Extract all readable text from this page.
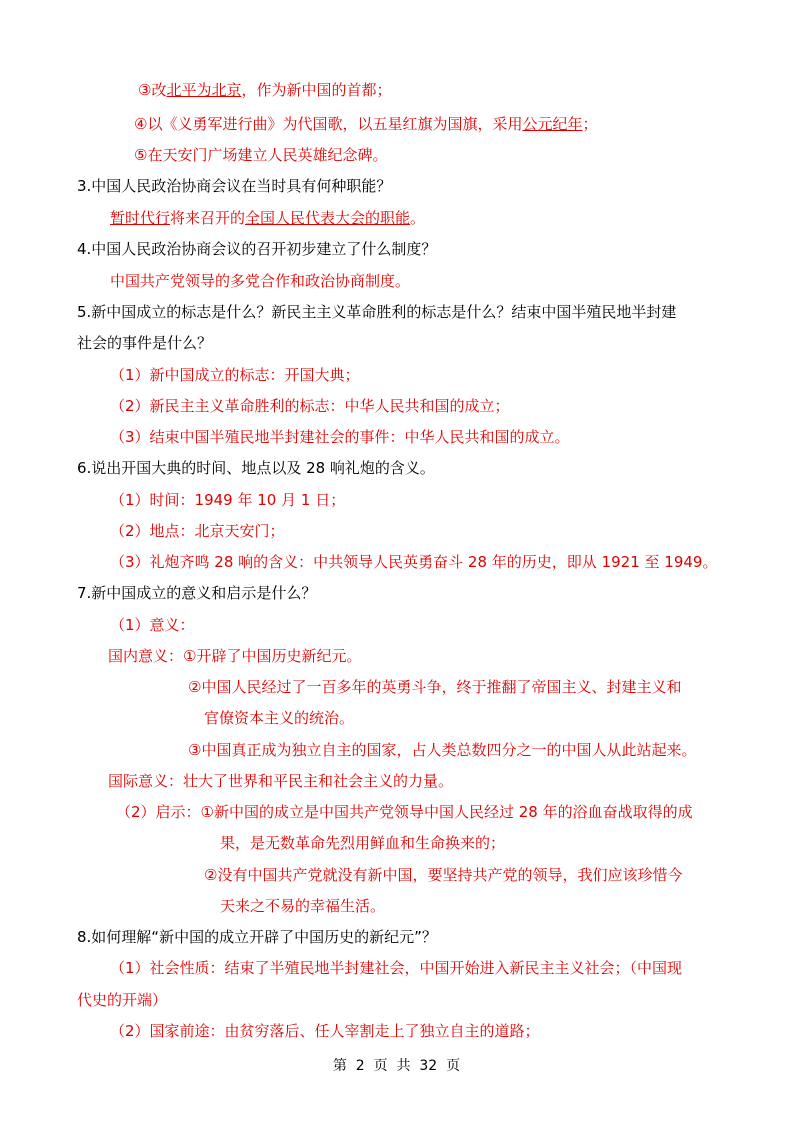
③改北平为北京，作为新中国的首都；
④以《义勇军进行曲》为代国歌，以五星红旗为国旗，采用公元纪年；
⑤在天安门广场建立人民英雄纪念碑。
3.中国人民政治协商会议在当时具有何种职能？
暂时代行将来召开的全国人民代表大会的职能。
4.中国人民政治协商会议的召开初步建立了什么制度？
中国共产党领导的多党合作和政治协商制度。
5.新中国成立的标志是什么？新民主主义革命胜利的标志是什么？结束中国半殖民地半封建
社会的事件是什么？
（1）新中国成立的标志：开国大典；
（2）新民主主义革命胜利的标志：中华人民共和国的成立；
（3）结束中国半殖民地半封建社会的事件：中华人民共和国的成立。
6.说出开国大典的时间、地点以及 28 响礼炮的含义。
（1）时间：1949 年 10 月 1 日；
（2）地点：北京天安门；
（3）礼炮齐鸣 28 响的含义：中共领导人民英勇奋斗 28 年的历史，即从 1921 至 1949。
7.新中国成立的意义和启示是什么？
（1）意义：
国内意义：①开辟了中国历史新纪元。
②中国人民经过了一百多年的英勇斗争，终于推翻了帝国主义、封建主义和
官僚资本主义的统治。
③中国真正成为独立自主的国家，占人类总数四分之一的中国人从此站起来。
国际意义：壮大了世界和平民主和社会主义的力量。
（2）启示：①新中国的成立是中国共产党领导中国人民经过 28 年的浴血奋战取得的成
果，是无数革命先烈用鲜血和生命换来的；
②没有中国共产党就没有新中国，要坚持共产党的领导，我们应该珍惜今
天来之不易的幸福生活。
8.如何理解“新中国的成立开辟了中国历史的新纪元”？
（1）社会性质：结束了半殖民地半封建社会，中国开始进入新民主主义社会；（中国现
代史的开端）
（2）国家前途：由贫穷落后、任人宰割走上了独立自主的道路；
第  2  页  共  32  页
